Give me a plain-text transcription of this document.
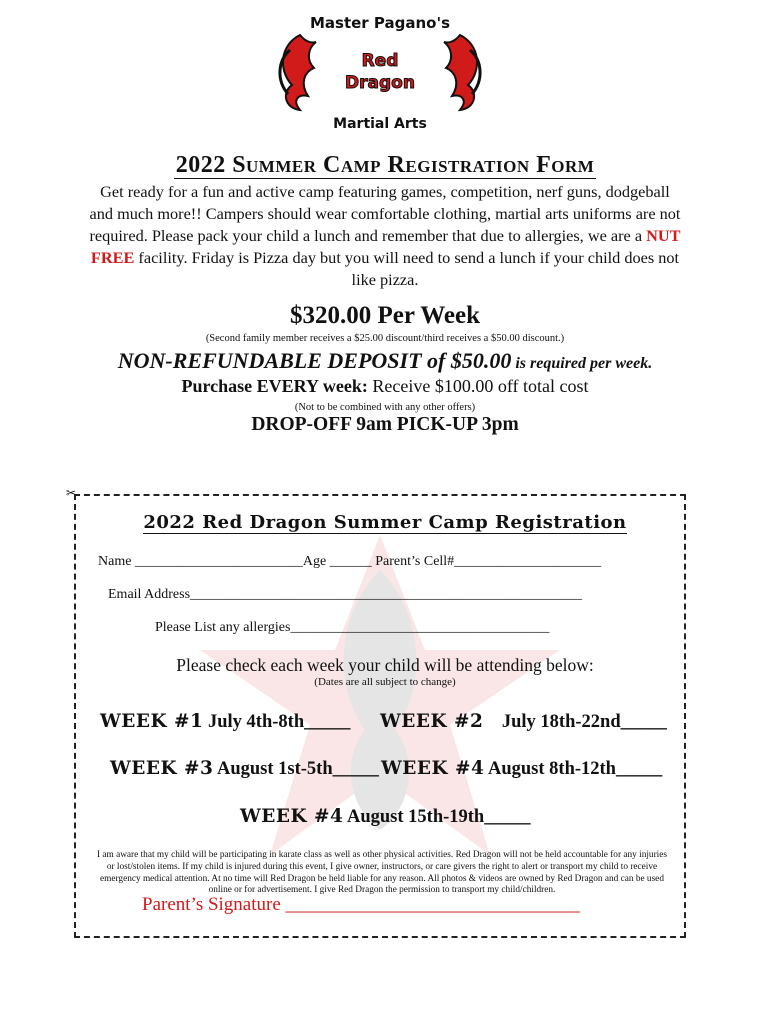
Master Pagano's
Red
Dragon
Martial Arts
2022 Summer Camp Registration Form
Get ready for a fun and active camp featuring games, competition, nerf guns, dodgeball and much more!! Campers should wear comfortable clothing, martial arts uniforms are not required. Please pack your child a lunch and remember that due to allergies, we are a NUT FREE facility. Friday is Pizza day but you will need to send a lunch if your child does not like pizza.
$320.00 Per Week
(Second family member receives a $25.00 discount/third receives a $50.00 discount.)
NON-REFUNDABLE DEPOSIT of $50.00 is required per week.
Purchase EVERY week: Receive $100.00 off total cost
(Not to be combined with any other offers)
DROP-OFF 9am PICK-UP 3pm
✂
2022 Red Dragon Summer Camp Registration
Name ________________________Age ______ Parent’s Cell#_____________________
Email Address________________________________________________________
Please List any allergies_____________________________________
Please check each week your child will be attending below:
(Dates are all subject to change)
WEEK #1 July 4th-8th_____ WEEK #2    July 18th-22nd_____
WEEK #3 August 1st-5th_____ WEEK #4 August 8th-12th_____
WEEK #4 August 15th-19th_____
I am aware that my child will be participating in karate class as well as other physical activities. Red Dragon will not be held accountable for any injuries or lost/stolen items. If my child is injured during this event, I give owner, instructors, or care givers the right to alert or transport my child to receive emergency medical attention. At no time will Red Dragon be held liable for any reason. All photos & videos are owned by Red Dragon and can be used online or for advertisement. I give Red Dragon the permission to transport my child/children.
Parent’s Signature _______________________________
